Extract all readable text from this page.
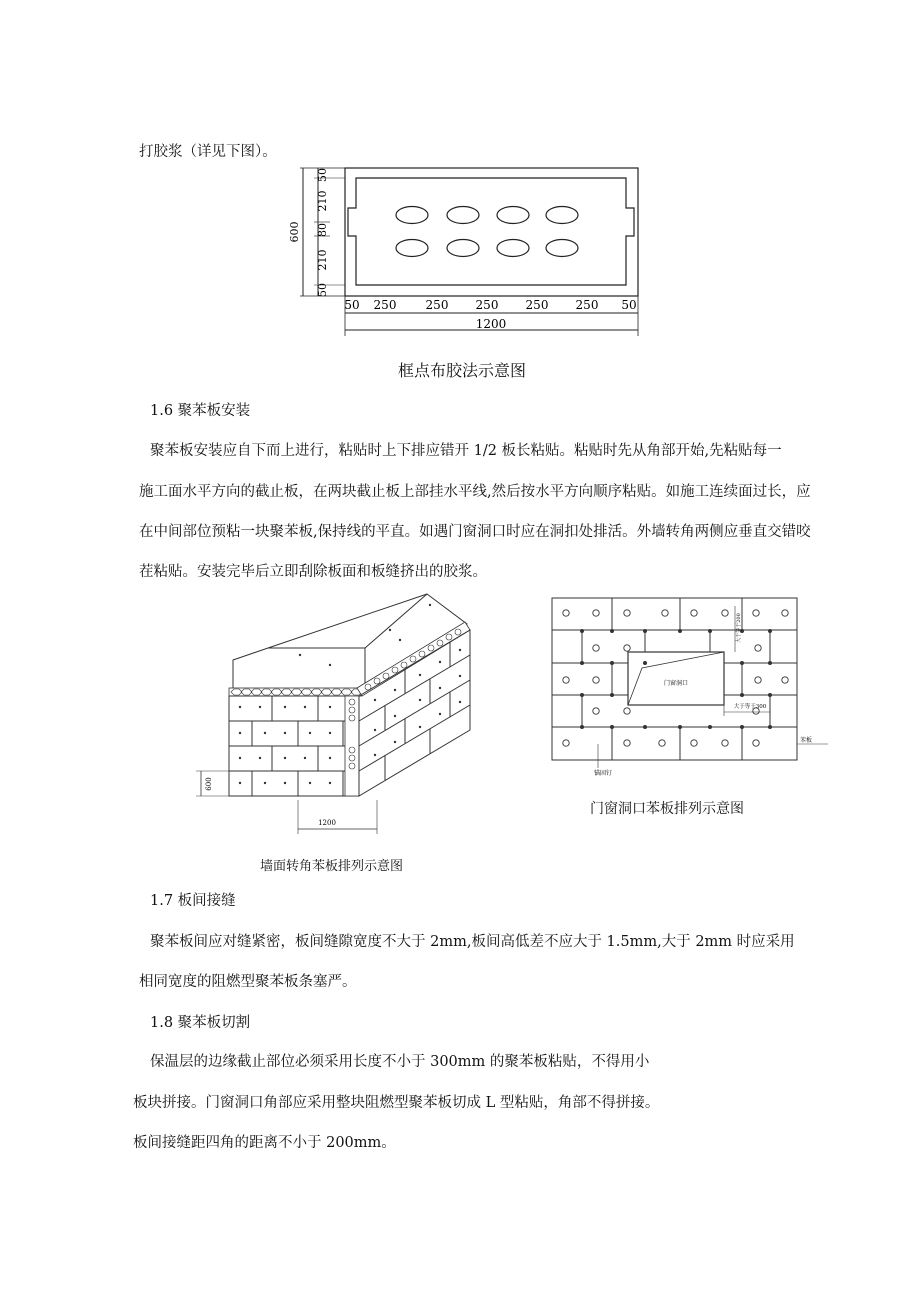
打胶浆（详见下图）。
600
50
210
80
210
50
50 250 250 250 250 250 50
1200
框点布胶法示意图
1.6 聚苯板安装
聚苯板安装应自下而上进行，粘贴时上下排应错开 1/2 板长粘贴。粘贴时先从角部开始,先粘贴每一
施工面水平方向的截止板，在两块截止板上部挂水平线,然后按水平方向顺序粘贴。如施工连续面过长，应
在中间部位预粘一块聚苯板,保持线的平直。如遇门窗洞口时应在洞扣处排活。外墙转角两侧应垂直交错咬
茬粘贴。安装完毕后立即刮除板面和板缝挤出的胶浆。
600
1200
墙面转角苯板排列示意图
门窗洞口
大于等于200
大于等于300
苯板
锚固钉
门窗洞口苯板排列示意图
1.7 板间接缝
聚苯板间应对缝紧密，板间缝隙宽度不大于 2mm,板间高低差不应大于 1.5mm,大于 2mm 时应采用
相同宽度的阻燃型聚苯板条塞严。
1.8 聚苯板切割
保温层的边缘截止部位必须采用长度不小于 300mm 的聚苯板粘贴，不得用小
板块拼接。门窗洞口角部应采用整块阻燃型聚苯板切成 L 型粘贴，角部不得拼接。
板间接缝距四角的距离不小于 200mm。
